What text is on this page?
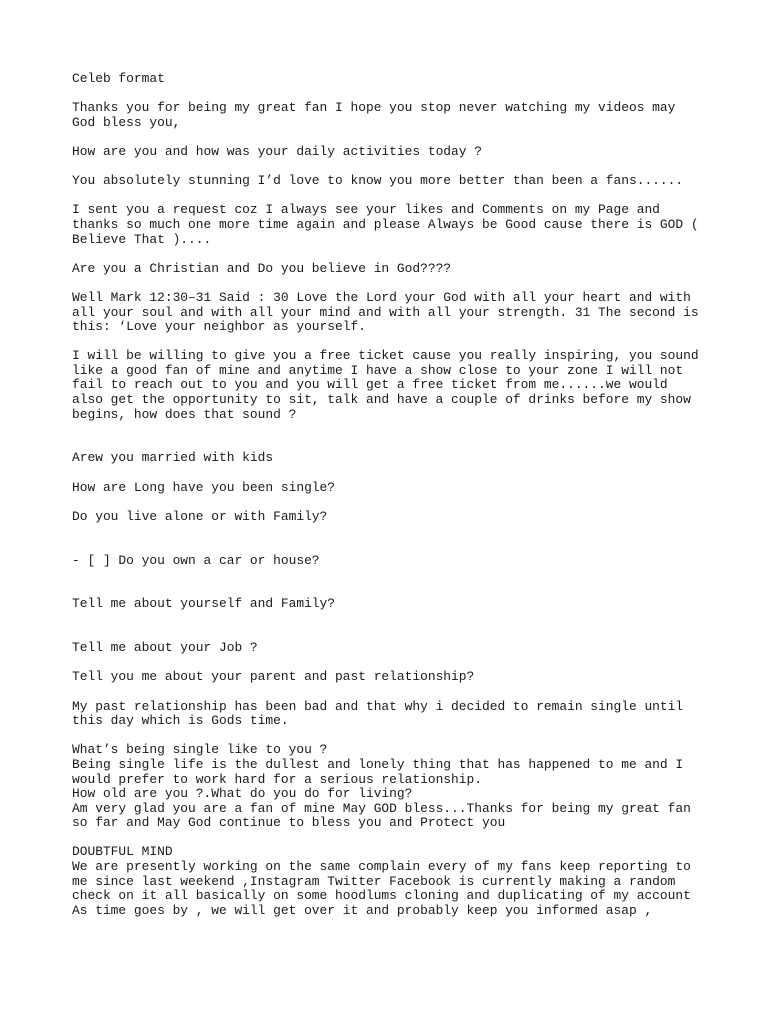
Celeb format

Thanks you for being my great fan I hope you stop never watching my videos may God bless you,

How are you and how was your daily activities today ?

You absolutely stunning I’d love to know you more better than been a fans......

I sent you a request coz I always see your likes and Comments on my Page and thanks so much one more time again and please Always be Good cause there is GOD ( Believe That )....

Are you a Christian and Do you believe in God????

Well Mark 12:30–31 Said : 30 Love the Lord your God with all your heart and with all your soul and with all your mind and with all your strength. 31 The second is this: ‘Love your neighbor as yourself.

I will be willing to give you a free ticket cause you really inspiring, you sound like a good fan of mine and anytime I have a show close to your zone I will not fail to reach out to you and you will get a free ticket from me......we would also get the opportunity to sit, talk and have a couple of drinks before my show begins, how does that sound ?

Arew you married with kids

How are Long have you been single?

Do you live alone or with Family?

- [ ] Do you own a car or house?

Tell me about yourself and Family?

Tell me about your Job ?

Tell you me about your parent and past relationship?

My past relationship has been bad and that why i decided to remain single until this day which is Gods time.

What’s being single like to you ?
Being single life is the dullest and lonely thing that has happened to me and I would prefer to work hard for a serious relationship.
How old are you ?.What do you do for living?
Am very glad you are a fan of mine May GOD bless...Thanks for being my great fan so far and May God continue to bless you and Protect you
DOUBTFUL MIND
We are presently working on the same complain every of my fans keep reporting to me since last weekend ,Instagram Twitter Facebook is currently making a random check on it all basically on some hoodlums cloning and duplicating of my account As time goes by , we will get over it and probably keep you informed asap ,
